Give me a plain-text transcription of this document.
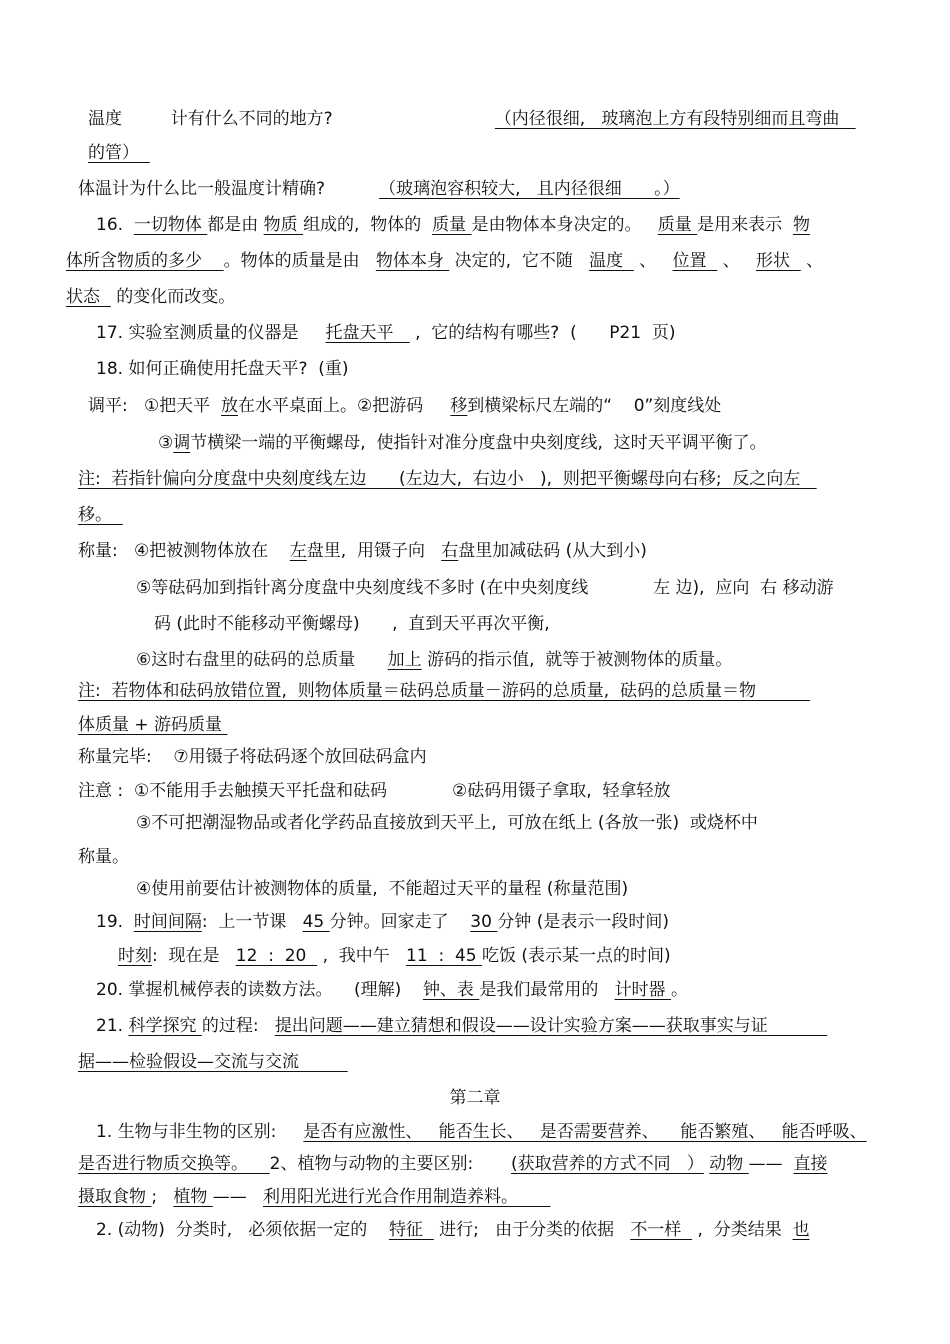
温度         计有什么不同的地方?	（内径很细,   玻璃泡上方有段特别细而且弯曲
的管）
体温计为什么比一般温度计精确?	（玻璃泡容积较大,   且内径很细      。）
16.  一切物体 都是由 物质 组成的,  物体的  质量 是由物体本身决定的。   质量 是用来表示  物
体所含物质的多少 。物体的质量是由   物体本身  决定的,  它不随   温度   、   位置   、   形状   、
状态   的变化而改变。
17. 实验室测质量的仪器是     托盘天平    ,  它的结构有哪些?  (      P21  页)
18. 如何正确使用托盘天平?  (重)
调平:   ①把天平  放在水平桌面上。②把游码     移到横梁标尺左端的“    0”刻度线处
③调节横梁一端的平衡螺母,  使指针对准分度盘中央刻度线,  这时天平调平衡了。
注:  若指针偏向分度盘中央刻度线左边      (左边大,  右边小   ),  则把平衡螺母向右移;  反之向左
移。
称量:   ④把被测物体放在    左盘里,  用镊子向   右盘里加减砝码 (从大到小)
⑤等砝码加到指针离分度盘中央刻度线不多时 (在中央刻度线            左 边),  应向  右 移动游
码 (此时不能移动平衡螺母)      ,  直到天平再次平衡,
⑥这时右盘里的砝码的总质量      加上 游码的指示值,  就等于被测物体的质量。
注:  若物体和砝码放错位置,  则物体质量＝砝码总质量－游码的总质量,  砝码的总质量＝物
体质量 + 游码质量
称量完毕:    ⑦用镊子将砝码逐个放回砝码盒内
注意 :  ①不能用手去触摸天平托盘和砝码            ②砝码用镊子拿取,  轻拿轻放
③不可把潮湿物品或者化学药品直接放到天平上,  可放在纸上 (各放一张)  或烧杯中
称量。
④使用前要估计被测物体的质量,  不能超过天平的量程 (称量范围)
19.  时间间隔:  上一节课   45 分钟。回家走了    30 分钟 (是表示一段时间)
时刻:  现在是   12  :  20   ,  我中午   11  :  45 吃饭 (表示某一点的时间)
20. 掌握机械停表的读数方法。    (理解)    钟、表 是我们最常用的   计时器 。
21. 科学探究 的过程:   提出问题——建立猜想和假设——设计实验方案——获取事实与证
据——检验假设—交流与交流
第二章
1. 生物与非生物的区别:     是否有应激性、   能否生长、   是否需要营养、    能否繁殖、   能否呼吸、
是否进行物质交换等。    2、植物与动物的主要区别:       (获取营养的方式不同   ） 动物 ——  直接
摄取食物 ;   植物 ——   利用阳光进行光合作用制造养料。
2. (动物)  分类时,   必须依据一定的    特征   进行;   由于分类的依据   不一样   ,  分类结果  也
